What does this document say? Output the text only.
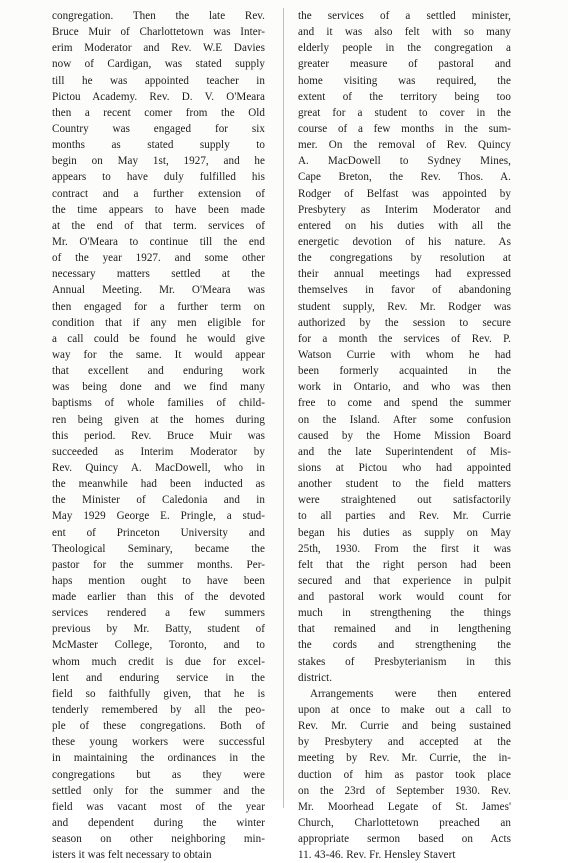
congregation. Then the late Rev.
Bruce Muir of Charlottetown was Inter-
erim Moderator and Rev. W.E Davies
now of Cardigan, was stated supply
till he was appointed teacher in
Pictou Academy. Rev. D. V. O'Meara
then a recent comer from the Old
Country was engaged for six
months as stated supply to
begin on May 1st, 1927, and he
appears to have duly fulfilled his
contract and a further extension of
the time appears to have been made
at the end of that term. services of
Mr. O'Meara to continue till the end
of the year 1927. and some other
necessary matters settled at the
Annual Meeting. Mr. O'Meara was
then engaged for a further term on
condition that if any men eligible for
a call could be found he would give
way for the same. It would appear
that excellent and enduring work
was being done and we find many
baptisms of whole families of child-
ren being given at the homes during
this period. Rev. Bruce Muir was
succeeded as Interim Moderator by
Rev. Quincy A. MacDowell, who in
the meanwhile had been inducted as
the Minister of Caledonia and in
May 1929 George E. Pringle, a stud-
ent of Princeton University and
Theological Seminary, became the
pastor for the summer months. Per-
haps mention ought to have been
made earlier than this of the devoted
services rendered a few summers
previous by Mr. Batty, student of
McMaster College, Toronto, and to
whom much credit is due for excel-
lent and enduring service in the
field so faithfully given, that he is
tenderly remembered by all the peo-
ple of these congregations. Both of
these young workers were successful
in maintaining the ordinances in the
congregations but as they were
settled only for the summer and the
field was vacant most of the year
and dependent during the winter
season on other neighboring min-
isters it was felt necessary to obtain
the services of a settled minister,
and it was also felt with so many
elderly people in the congregation a
greater measure of pastoral and
home visiting was required, the
extent of the territory being too
great for a student to cover in the
course of a few months in the sum-
mer. On the removal of Rev. Quincy
A. MacDowell to Sydney Mines,
Cape Breton, the Rev. Thos. A.
Rodger of Belfast was appointed by
Presbytery as Interim Moderator and
entered on his duties with all the
energetic devotion of his nature. As
the congregations by resolution at
their annual meetings had expressed
themselves in favor of abandoning
student supply, Rev. Mr. Rodger was
authorized by the session to secure
for a month the services of Rev. P.
Watson Currie with whom he had
been formerly acquainted in the
work in Ontario, and who was then
free to come and spend the summer
on the Island. After some confusion
caused by the Home Mission Board
and the late Superintendent of Mis-
sions at Pictou who had appointed
another student to the field matters
were straightened out satisfactorily
to all parties and Rev. Mr. Currie
began his duties as supply on May
25th, 1930. From the first it was
felt that the right person had been
secured and that experience in pulpit
and pastoral work would count for
much in strengthening the things
that remained and in lengthening
the cords and strengthening the
stakes of Presbyterianism in this
district.
Arrangements were then entered
upon at once to make out a call to
Rev. Mr. Currie and being sustained
by Presbytery and accepted at the
meeting by Rev. Mr. Currie, the in-
duction of him as pastor took place
on the 23rd of September 1930. Rev.
Mr. Moorhead Legate of St. James'
Church, Charlottetown preached an
appropriate sermon based on Acts
11. 43-46. Rev. Fr. Hensley Stavert
